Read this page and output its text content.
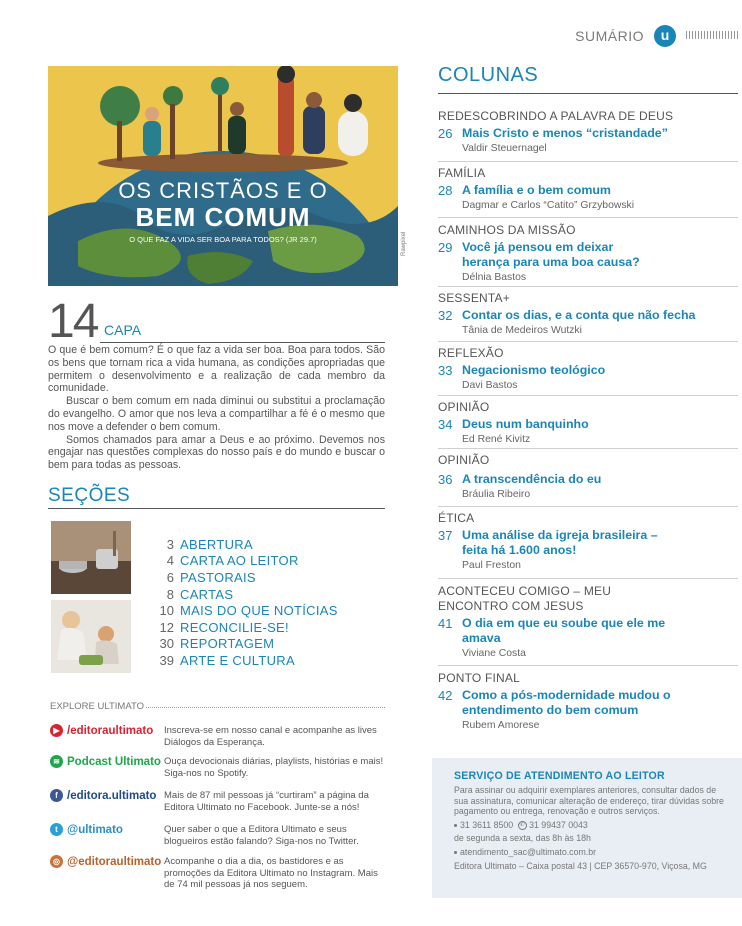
SUMÁRIO	u
OS CRISTÃOS E O
BEM COMUM
O QUE FAZ A VIDA SER BOA PARA TODOS? (JR 29.7)	Rawpixel
14 CAPA

O que é bem comum? É o que faz a vida ser boa. Boa para todos. São os bens que tornam rica a vida humana, as condições apropriadas que permitem o desenvolvimento e a realização de cada membro da comunidade.

Buscar o bem comum em nada diminui ou substitui a proclamação do evangelho. O amor que nos leva a compartilhar a fé é o mesmo que nos move a defender o bem comum.

Somos chamados para amar a Deus e ao próximo. Devemos nos engajar nas questões complexas do nosso país e do mundo e buscar o bem para todas as pessoas.

SEÇÕES
3 ABERTURA
4 CARTA AO LEITOR
6 PASTORAIS
8 CARTAS
10 MAIS DO QUE NOTÍCIAS
12 RECONCILIE-SE!
30 REPORTAGEM
39 ARTE E CULTURA
EXPLORE ULTIMATO
▶ /editoraultimato Inscreva-se em nosso canal e acompanhe as lives Diálogos da Esperança.
≋ Podcast Ultimato Ouça devocionais diárias, playlists, histórias e mais! Siga-nos no Spotify.
f /editora.ultimato Mais de 87 mil pessoas já “curtiram” a página da Editora Ultimato no Facebook. Junte-se a nós!
t @ultimato	Quer saber o que a Editora Ultimato e seus blogueiros estão falando? Siga-nos no Twitter.
◎ @editoraultimato Acompanhe o dia a dia, os bastidores e as promoções da Editora Ultimato no Instagram. Mais de 74 mil pessoas já nos seguem.
COLUNAS
REDESCOBRINDO A PALAVRA DE DEUS
26 Mais Cristo e menos “cristandade”
Valdir Steuernagel
FAMÍLIA
28 A família e o bem comum
Dagmar e Carlos “Catito” Grzybowski
CAMINHOS DA MISSÃO
29 Você já pensou em deixar herança para uma boa causa?
Délnia Bastos
SESSENTA+
32 Contar os dias, e a conta que não fecha
Tânia de Medeiros Wutzki
REFLEXÃO
33 Negacionismo teológico
Davi Bastos
OPINIÃO
34 Deus num banquinho
Ed René Kivitz
OPINIÃO
36 A transcendência do eu
Bráulia Ribeiro
ÉTICA
37 Uma análise da igreja brasileira – feita há 1.600 anos!
Paul Freston
ACONTECEU COMIGO – MEU ENCONTRO COM JESUS
41 O dia em que eu soube que ele me amava
Viviane Costa
PONTO FINAL
42 Como a pós-modernidade mudou o entendimento do bem comum
Rubem Amorese
SERVIÇO DE ATENDIMENTO AO LEITOR
Para assinar ou adquirir exemplares anteriores, consultar dados de sua assinatura, comunicar alteração de endereço, tirar dúvidas sobre pagamento ou entrega, renovação e outros serviços.
31 3611 8500 ✆ 31 99437 0043
de segunda a sexta, das 8h às 18h
atendimento_sac@ultimato.com.br
Editora Ultimato – Caixa postal 43 | CEP 36570-970, Viçosa, MG
